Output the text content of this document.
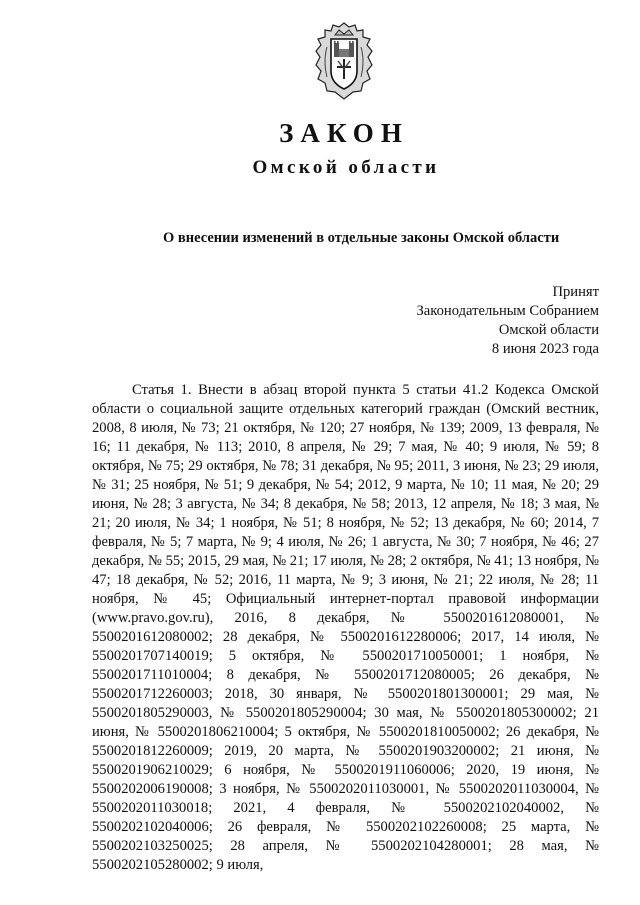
ЗАКОН
Омской области
О внесении изменений в отдельные законы Омской области
Принят
Законодательным Собранием
Омской области
8 июня 2023 года

Статья 1. Внести в абзац второй пункта 5 статьи 41.2 Кодекса Омской области о социальной защите отдельных категорий граждан (Омский вестник, 2008, 8 июля, № 73; 21 октября, № 120; 27 ноября, № 139; 2009, 13 февраля, № 16; 11 декабря, № 113; 2010, 8 апреля, № 29; 7 мая, № 40; 9 июля, № 59; 8 октября, № 75; 29 октября, № 78; 31 декабря, № 95; 2011, 3 июня, № 23; 29 июля, № 31; 25 ноября, № 51; 9 декабря, № 54; 2012, 9 марта, № 10; 11 мая, № 20; 29 июня, № 28; 3 августа, № 34; 8 декабря, № 58; 2013, 12 апреля, № 18; 3 мая, № 21; 20 июля, № 34; 1 ноября, № 51; 8 ноября, № 52; 13 декабря, № 60; 2014, 7 февраля, № 5; 7 марта, № 9; 4 июля, № 26; 1 августа, № 30; 7 ноября, № 46; 27 декабря, № 55; 2015, 29 мая, № 21; 17 июля, № 28; 2 октября, № 41; 13 ноября, № 47; 18 декабря, № 52; 2016, 11 марта, № 9; 3 июня, № 21; 22 июля, № 28; 11 ноября, № 45; Официальный интернет-портал правовой информации (www.pravo.gov.ru), 2016, 8 декабря, № 5500201612080001, № 5500201612080002; 28 декабря, № 5500201612280006; 2017, 14 июля, № 5500201707140019; 5 октября, № 5500201710050001; 1 ноября, № 5500201711010004; 8 декабря, № 5500201712080005; 26 декабря, № 5500201712260003; 2018, 30 января, № 5500201801300001; 29 мая, № 5500201805290003, № 5500201805290004; 30 мая, № 5500201805300002; 21 июня, № 5500201806210004; 5 октября, № 5500201810050002; 26 декабря, № 5500201812260009; 2019, 20 марта, № 5500201903200002; 21 июня, № 5500201906210029; 6 ноября, № 5500201911060006; 2020, 19 июня, № 5500202006190008; 3 ноября, № 5500202011030001, № 5500202011030004, № 5500202011030018; 2021, 4 февраля, № 5500202102040002, № 5500202102040006; 26 февраля, № 5500202102260008; 25 марта, № 5500202103250025; 28 апреля, № 5500202104280001; 28 мая, № 5500202105280002; 9 июля,
